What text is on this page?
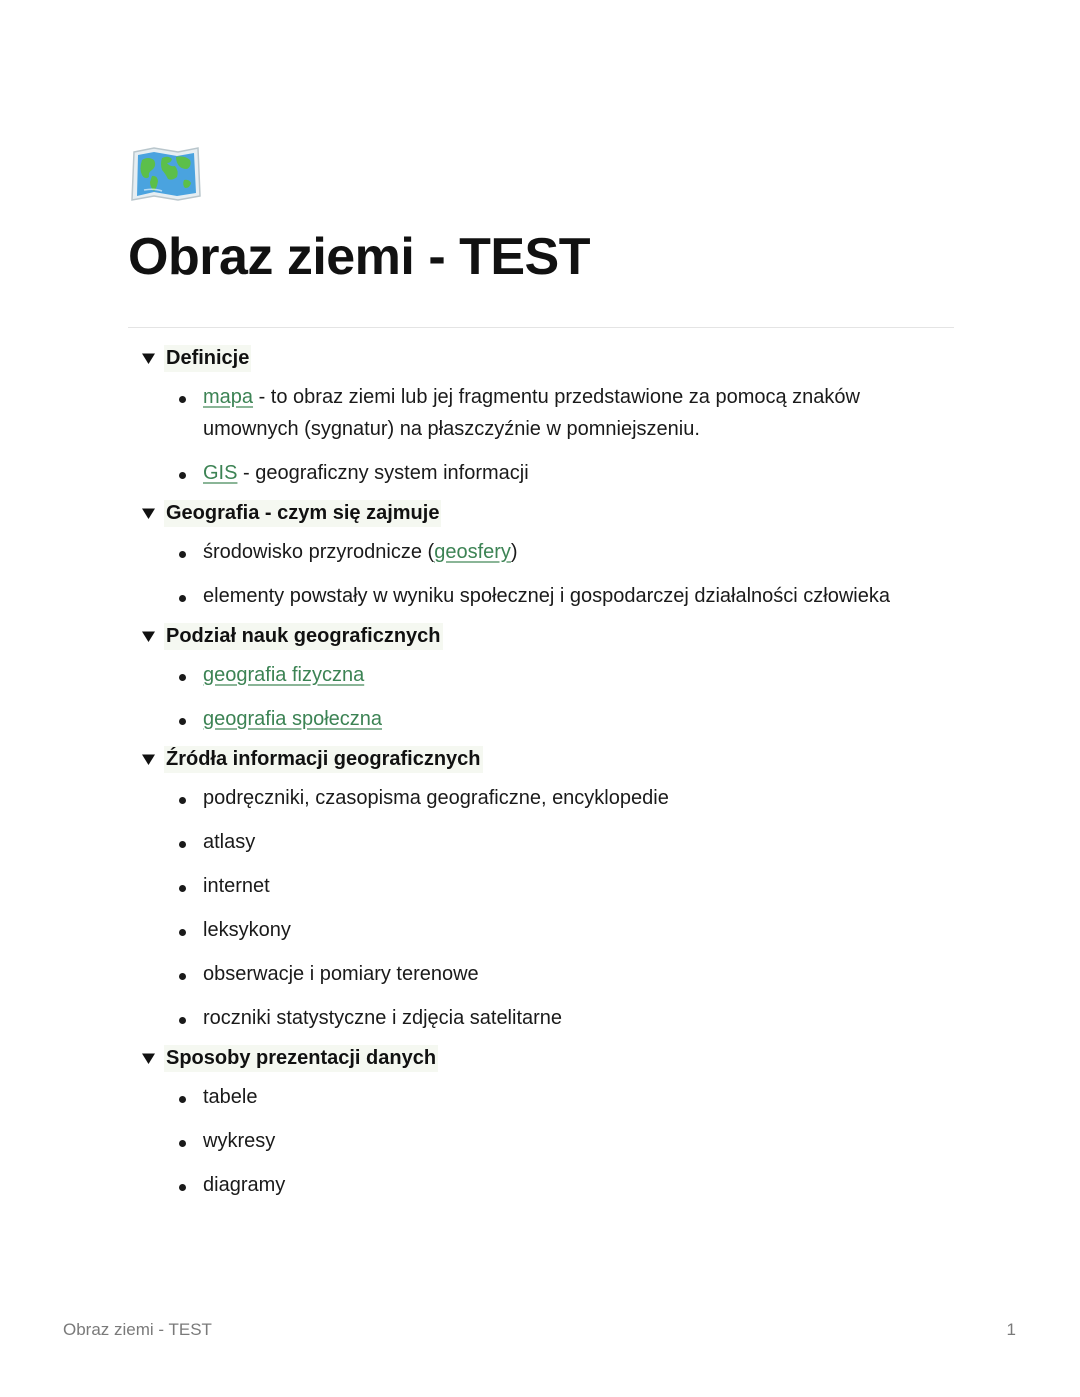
Obraz ziemi - TEST
Definicje
mapa - to obraz ziemi lub jej fragmentu przedstawione za pomocą znaków umownych (sygnatur) na płaszczyźnie w pomniejszeniu.
GIS - geograficzny system informacji
Geografia - czym się zajmuje
środowisko przyrodnicze (geosfery)
elementy powstały w wyniku społecznej i gospodarczej działalności człowieka
Podział nauk geograficznych
geografia fizyczna
geografia społeczna
Źródła informacji geograficznych
podręczniki, czasopisma geograficzne, encyklopedie
atlasy
internet
leksykony
obserwacje i pomiary terenowe
roczniki statystyczne i zdjęcia satelitarne
Sposoby prezentacji danych
tabele
wykresy
diagramy
Obraz ziemi - TEST	1
